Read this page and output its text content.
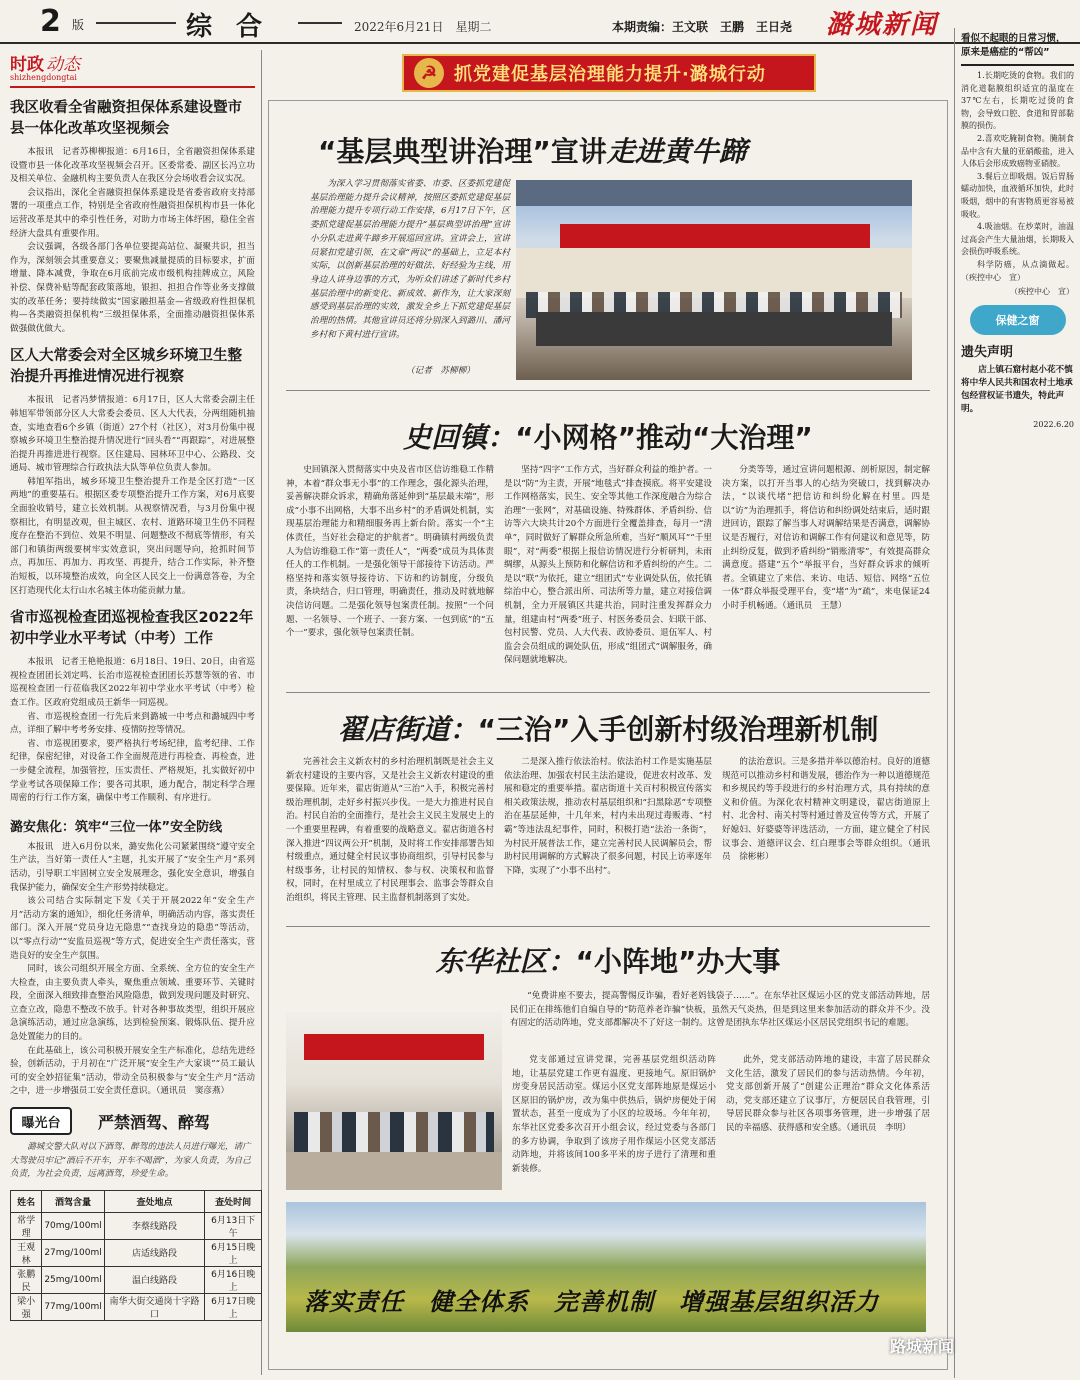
2 版	综合	2022年6月21日　星期二	本期责编：王文联　王鹏　王日尧 潞城新闻
时政 动态
shizhengdongtai
我区收看全省融资担保体系建设暨市县一体化改革攻坚视频会

本报讯　记者苏柳柳报道：6月16日，全省融资担保体系建设暨市县一体化改革攻坚视频会召开。区委常委、副区长冯立功及相关单位、金融机构主要负责人在我区分会场收看会议实况。

会议指出，深化全省融资担保体系建设是省委省政府支持部署的一项重点工作，特别是全省政府性融资担保机构市县一体化运营改革是其中的牵引性任务，对助力市场主体纾困，稳住全省经济大盘具有重要作用。

会议强调，各级各部门各单位要提高站位、凝聚共识，担当作为，深刻领会其重要意义；要聚焦减量提质的目标要求，扩面增量、降本减费，争取在6月底前完成市级机构挂牌成立，风险补偿、保费补贴等配套政策落地，银担、担担合作等业务支撑做实的改革任务；要持续做实“国家融担基金—省级政府性担保机构—各类融资担保机构”三级担保体系，全面推动融资担保体系做强做优做大。

区人大常委会对全区城乡环境卫生整治提升再推进情况进行视察

本报讯　记者冯梦情报道：6月17日，区人大常委会副主任韩旭军带领部分区人大常委会委员、区人大代表，分两组随机抽查，实地查看6个乡镇（街道）27个村（社区），对3月份集中视察城乡环境卫生整治提升情况进行“回头看”“再跟踪”，对进展整治提升再推进进行视察。区住建局、园林环卫中心、公路段、交通局、城市管理综合行政执法大队等单位负责人参加。

韩旭军指出，城乡环境卫生整治提升工作是全区打造“一区两地”的重要基石。根据区委专项整治提升工作方案，对6月底要全面验收销号，建立长效机制。从视察情况看，与3月份集中视察相比，有明显改观，但主城区、农村、道路环境卫生仍不同程度存在整治不到位、效果不明显、问题整改不彻底等情形，有关部门和镇街两级要树牢实效意识，突出问题导向，抢抓时间节点，再加压、再加力、再攻坚、再提升，结合工作实际，补齐整治短板，以环境整治成效，向全区人民交上一份满意答卷，为全区打造现代化太行山水名城主体功能贡献力量。

省市巡视检查团巡视检查我区2022年初中学业水平考试（中考）工作

本报讯　记者王艳艳报道：6月18日、19日、20日，由省巡视检查团团长刘定鸣、长治市巡视检查团团长苏慧等领的省、市巡视检查团一行莅临我区2022年初中学业水平考试（中考）检查工作。区政府党组成员王新华一同巡视。

省、市巡视检查团一行先后来到潞城一中考点和潞城四中考点，详细了解中考考务安排、疫情防控等情况。

省、市巡视团要求，要严格执行考场纪律，监考纪律、工作纪律，保密纪律，对设备工作全面规范进行再检查、再检查，进一步健全流程，加强管控，压实责任、严格规矩，扎实做好初中学业考试各项保障工作；要各司其职，通力配合，制定科学合理周密的行行工作方案，确保中考工作顺利、有序进行。

潞安焦化：筑牢“三位一体”安全防线

本报讯　进入6月份以来，潞安焦化公司紧紧围绕“遵守安全生产法，当好第一责任人”主题，扎实开展了“安全生产月”系列活动，引导职工牢固树立安全发展理念，强化安全意识，增强自我保护能力，确保安全生产形势持续稳定。

该公司结合实际制定下发《关于开展2022年“安全生产月”活动方案的通知》，细化任务清单，明确活动内容，落实责任部门。深入开展“党员身边无隐患”“查找身边的隐患”等活动，以“零点行动”“安监员巡视”等方式，促进安全生产责任落实，营造良好的安全生产氛围。

同时，该公司组织开展全方面、全系统、全方位的安全生产大检查，由主要负责人牵头，聚焦重点领域、重要环节、关键时段，全面深入细致排查整治风险隐患，做到发现问题及时研究、立查立改，隐患不整改不放手。针对各种事故类型，组织开展应急演练活动，通过应急演练，达到检验预案、锻炼队伍、提升应急处置能力的目的。

在此基础上，该公司积极开展安全生产标准化，总结先进经验，创新活动，于月初在“广泛开展“安全生产大家谈”“员工最认可的安全妙招征集”活动，带动全员积极参与“安全生产月”活动之中，进一步增强员工安全责任意识。（通讯员　窦彦燕）

曝光台	严禁酒驾、醉驾

潞城交警大队对以下酒驾、醉驾的违法人员进行曝光，请广大驾驶员牢记“酒后不开车，开车不喝酒”，为家人负责，为自己负责，为社会负责，远离酒驾，珍爱生命。

姓名	酒驾含量	查处地点	查处时间
常学理	70mg/100ml	李蔡线路段	6月13日下午
王观林	27mg/100ml	店适线路段	6月15日晚上
张鹏民	25mg/100ml	温白线路段	6月16日晚上
梁小强	77mg/100ml	南华大街交通岗十字路口	6月17日晚上
☭ 抓党建促基层治理能力提升·潞城行动
“基层典型讲治理”宣讲走进黄牛蹄

为深入学习贯彻落实省委、市委、区委抓党建促基层治理能力提升会议精神，按照区委抓党建促基层治理能力提升专项行动工作安排，6月17日下午，区委抓党建促基层治理能力提升“基层典型讲治理”宣讲小分队走进黄牛蹄乡开展巡回宣讲。宣讲会上，宣讲员紧扣党建引领，在文章“两议”的基础上，立足本村实际，以创新基层治理的好做法、好经验为主线，用身边人讲身边事的方式，为听众们讲述了新时代乡村基层治理中的新变化、新成效、新作为，让大家深刻感受到基层治理的实效，激发全乡上下抓党建促基层治理的热情。其他宣讲员还将分别深入到潞川、潘河乡村和下黄村进行宣讲。

（记者　苏柳柳）
史回镇：“小网格”推动“大治理”

史回镇深入贯彻落实中央及省市区信访维稳工作精神，本着“群众事无小事”的工作理念，强化源头治理，妥善解决群众诉求，精确角落延伸到“基层最末端”，形成“小事不出网格，大事不出乡村”的矛盾调处机制，实现基层治理能力和精细服务再上新台阶。落实一个“主体责任，当好社会稳定的护航者”。明确镇村两级负责人为信访维稳工作“第一责任人”，“两委”成员为具体责任人的工作机制。一是强化领导干部接待下访活动。严格坚持和落实领导接待访、下访和约访制度，分级负责，条块结合，归口管理，明确责任，推动及时就地解决信访问题。二是强化领导包案责任制。按照“一个问题、一名领导、一个班子、一套方案、一包到底”的“五个一”要求，强化领导包案责任制。

坚持“四字”工作方式，当好群众利益的维护者。一是以“防”为主责，开展“地毯式”排查摸底。将平安建设工作网格落实，民生、安全等其他工作深度融合为综合治理“一张网”，对基础设施、特殊群体、矛盾纠纷、信访等六大块共计20个方面进行全覆盖排查，每月一“清单”，同时做好了解群众所急所难，当好“顺风耳”“千里眼”，对“两委”根据上报信访情况进行分析研判，未雨绸缪，从源头上预防和化解信访和矛盾纠纷的产生。二是以“联”为依托，建立“组团式”专业调处队伍，依托镇综治中心，整合派出所、司法所等力量，建立对接信调机制，全力开展镇区共建共治，同时注重发挥群众力量，组建由村“两委”班子、村医务委员会、妇联干部、包村民警、党员、人大代表、政协委员、退伍军人、村监会会员组成的调处队伍，形成“组团式”调解服务，确保问题就地解决。

分类等等，通过宣讲问题根源、剖析原因，制定解决方案，以打开当事人的心结为突破口，找到解决办法，“以谈代堵”把信访和纠纷化解在村里。四是以“访”为治理抓手，将信访和纠纷调处结束后，适时跟进回访，跟踪了解当事人对调解结果是否满意，调解协议是否履行，对信访和调解工作有何建议和意见等，防止纠纷反复，做到矛盾纠纷“销账清零”，有效提高群众满意度。搭建“五个”举报平台，当好群众诉求的倾听者。全镇建立了来信、来访、电话、短信、网络“五位一体”群众举报受理平台，变“堵”为“疏”，来电保证24小时手机畅通。（通讯员　王慧）

翟店街道：“三治”入手创新村级治理新机制

完善社会主义新农村的乡村治理机制既是社会主义新农村建设的主要内容，又是社会主义新农村建设的重要保障。近年来，翟店街道从“三治”入手，积极完善村级治理机制，走好乡村振兴步伐。一是大力推进村民自治。村民自治的全面推行，是社会主义民主发展史上的一个重要里程碑，有着重要的战略意义。翟店街道各村深入推进“四议两公开”机制，及时将工作安排部署告知村级重点，通过健全村民议事协商组织，引导村民参与村级事务，让村民的知情权、参与权、决策权和监督权，同时，在村里成立了村民理事会、监事会等群众自治组织，将民主管理、民主监督机制落到了实处。

二是深入推行依法治村。依法治村工作是实施基层依法治理、加强农村民主法治建设，促进农村改革、发展和稳定的重要举措。翟店街道十关百村积极宣传落实相关政策法规，推动农村基层组织和“扫黑除恶”专项整治在基层延伸，十几年来，村内未出现过毒贩毒、“村霸”等违法乱纪事件，同时，积极打造“法治一条街”，为村民开展普法工作，建立完善村民人民调解员会，帮助村民用调解的方式解决了很多问题，村民上访率逐年下降，实现了“小事不出村”。

的法治意识。三是多措并举以德治村。良好的道德规范可以推动乡村和谐发展，德治作为一种以道德规范和乡规民约等手段进行的乡村治理方式，具有持续的意义和价值。为深化农村精神文明建设，翟店街道原上村、北舍村、南关村等村通过普及宣传等方式，开展了好媳妇、好婆婆等评选活动，一方面，建立健全了村民议事会、道德评议会、红白理事会等群众组织。（通讯员　徐彬彬）

东华社区：“小阵地”办大事

“免费讲座不要去，提高警惕反诈骗，看好老妈钱袋子……”。在东华社区煤运小区的党支部活动阵地，居民们正在排练他们自编自导的“防范养老诈骗”快板，虽然天气炎热，但是到这里来参加活动的群众并不少。没有固定的活动阵地，党支部都解决不了好这一制约。这曾是团执东华社区煤运小区居民党组织书记的难题。

党支部通过宣讲党课，完善基层党组织活动阵地，让基层党建工作更有温度、更接地气。原旧锅炉房变身居民活动室。煤运小区党支部阵地原是煤运小区原旧的锅炉房，改为集中供热后，锅炉房便处于闲置状态，甚至一度成为了小区的垃圾场。今年年初，东华社区党委多次召开小组会议，经过党委与各部门的多方协调，争取到了该房子用作煤运小区党支部活动阵地，并将该间100多平米的房子进行了清理和重新装修。

此外，党支部活动阵地的建设，丰富了居民群众文化生活，激发了居民们的参与活动热情。今年初，党支部创新开展了“创建公正理治”群众文化体系活动，党支部还建立了议事厅，方便居民自我管理，引导居民群众参与社区各项事务管理，进一步增强了居民的幸福感、获得感和安全感。（通讯员　李明）

落实责任　健全体系　完善机制　增强基层组织活力
看似不起眼的日常习惯，原来是癌症的“帮凶”

1.长期吃烫的食物。我们的消化道黏膜组织适宜的温度在37℃左右，长期吃过烫的食物，会导致口腔、食道和胃部黏膜的损伤。

2.喜欢吃腌制食物。腌制食品中含有大量的亚硝酸盐，进入人体后会形成致癌物亚硝胺。

3.餐后立即吸烟。饭后胃肠蠕动加快，血液循环加快，此时吸烟，烟中的有害物质更容易被吸收。

4.吸油烟。在炒菜时，油温过高会产生大量油烟，长期吸入会损伤呼吸系统。

科学防癌，从点滴做起。（疾控中心　宣）

（疾控中心　宣）
保健之窗
遗失声明

店上镇石窟村赵小花不慎将中华人民共和国农村土地承包经营权证书遗失，特此声明。

2022.6.20
路城新闻
